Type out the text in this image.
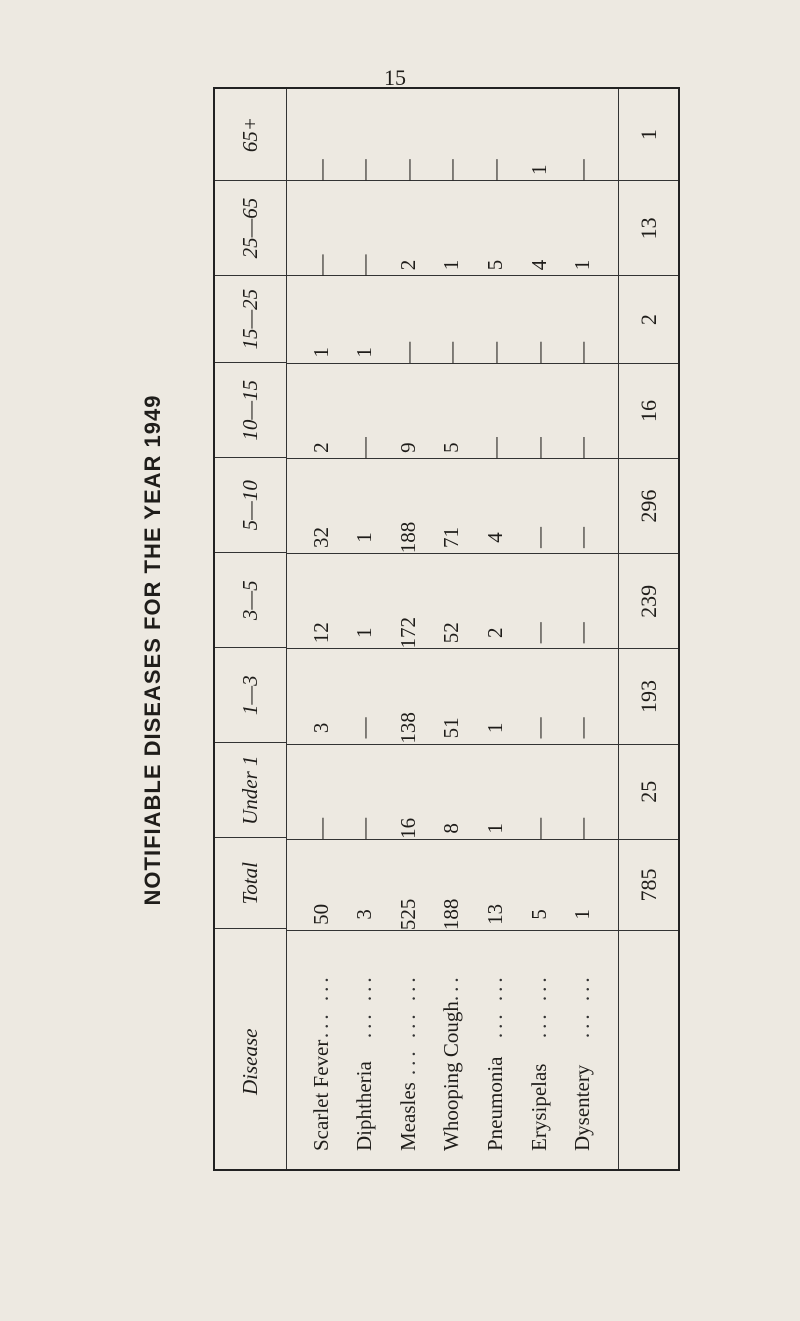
NOTIFIABLE DISEASES FOR THE YEAR 1949
Disease
Total
Under 1
1—3
3—5
5—10
10—15
15—25
25—65
65+
Scarlet Fever
... ...
Diphtheria
... ...
Measles
... ... ... Whooping Cough
...
Pneumonia
... ...
Erysipelas
... ...
Dysentery
... ...
50 3 525 188 13 5 1
— — 16 8 1 — —
3 — 138 51 1 — —
12 1 172 52 2 — —
32 1 188 71 4 — —
2 — 9 5 — — —
1 1 — — — — —
— — 2 1 5 4 1
— — — — — 1 —
785
25
193
239
296
16
2
13
1
15
